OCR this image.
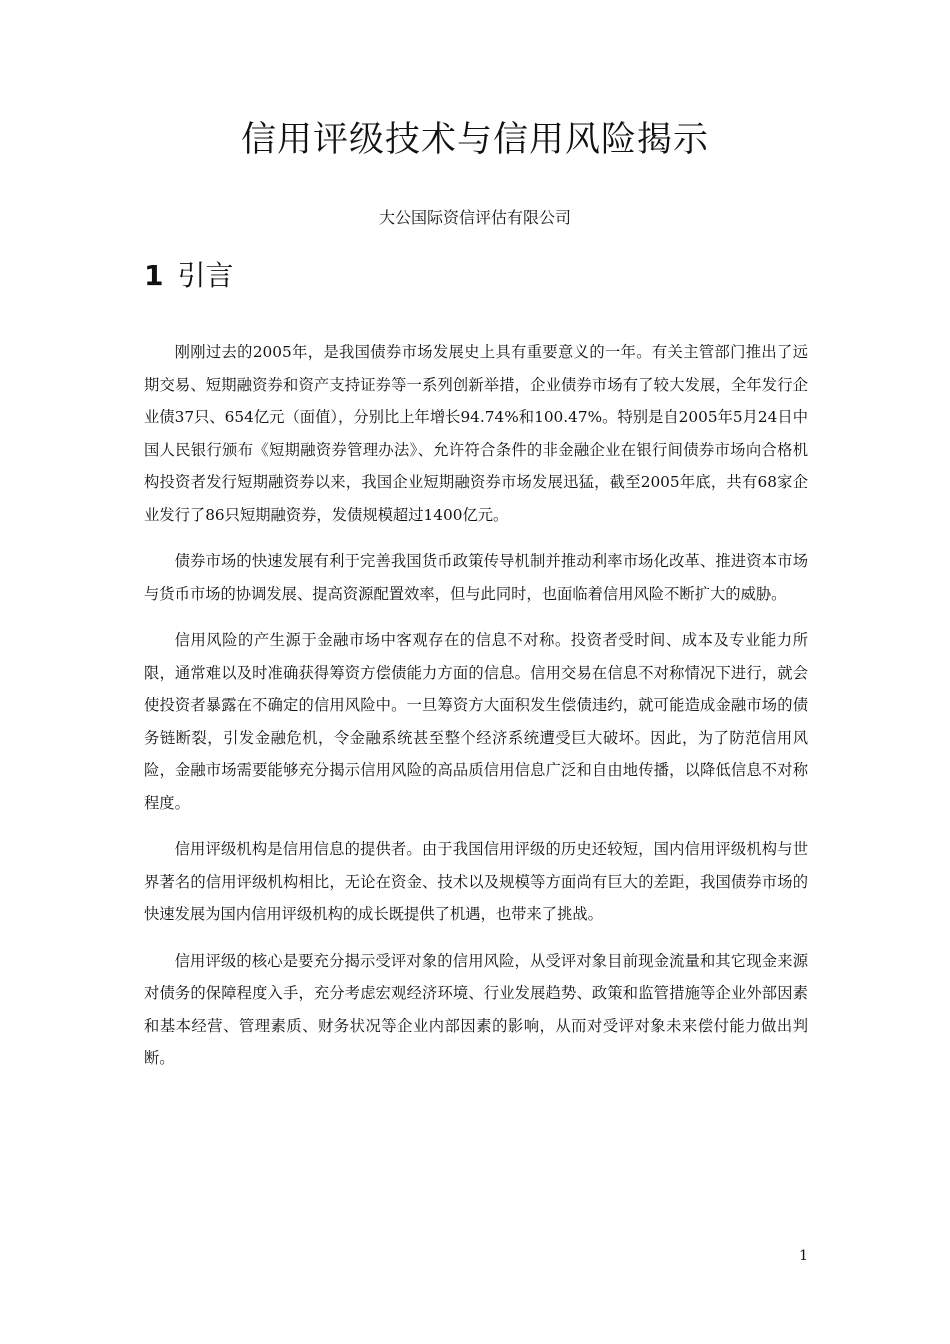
信用评级技术与信用风险揭示

大公国际资信评估有限公司

1 引言

刚刚过去的2005年，是我国债券市场发展史上具有重要意义的一年。有关主管部门推出了远期交易、短期融资券和资产支持证券等一系列创新举措，企业债券市场有了较大发展，全年发行企业债37只、654亿元（面值），分别比上年增长94.74%和100.47%。特别是自2005年5月24日中国人民银行颁布《短期融资券管理办法》、允许符合条件的非金融企业在银行间债券市场向合格机构投资者发行短期融资券以来，我国企业短期融资券市场发展迅猛，截至2005年底，共有68家企业发行了86只短期融资券，发债规模超过1400亿元。

债券市场的快速发展有利于完善我国货币政策传导机制并推动利率市场化改革、推进资本市场与货币市场的协调发展、提高资源配置效率，但与此同时，也面临着信用风险不断扩大的威胁。

信用风险的产生源于金融市场中客观存在的信息不对称。投资者受时间、成本及专业能力所限，通常难以及时准确获得筹资方偿债能力方面的信息。信用交易在信息不对称情况下进行，就会使投资者暴露在不确定的信用风险中。一旦筹资方大面积发生偿债违约，就可能造成金融市场的债务链断裂，引发金融危机，令金融系统甚至整个经济系统遭受巨大破坏。因此，为了防范信用风险，金融市场需要能够充分揭示信用风险的高品质信用信息广泛和自由地传播，以降低信息不对称程度。

信用评级机构是信用信息的提供者。由于我国信用评级的历史还较短，国内信用评级机构与世界著名的信用评级机构相比，无论在资金、技术以及规模等方面尚有巨大的差距，我国债券市场的快速发展为国内信用评级机构的成长既提供了机遇，也带来了挑战。

信用评级的核心是要充分揭示受评对象的信用风险，从受评对象目前现金流量和其它现金来源对债务的保障程度入手，充分考虑宏观经济环境、行业发展趋势、政策和监管措施等企业外部因素和基本经营、管理素质、财务状况等企业内部因素的影响，从而对受评对象未来偿付能力做出判断。

1
